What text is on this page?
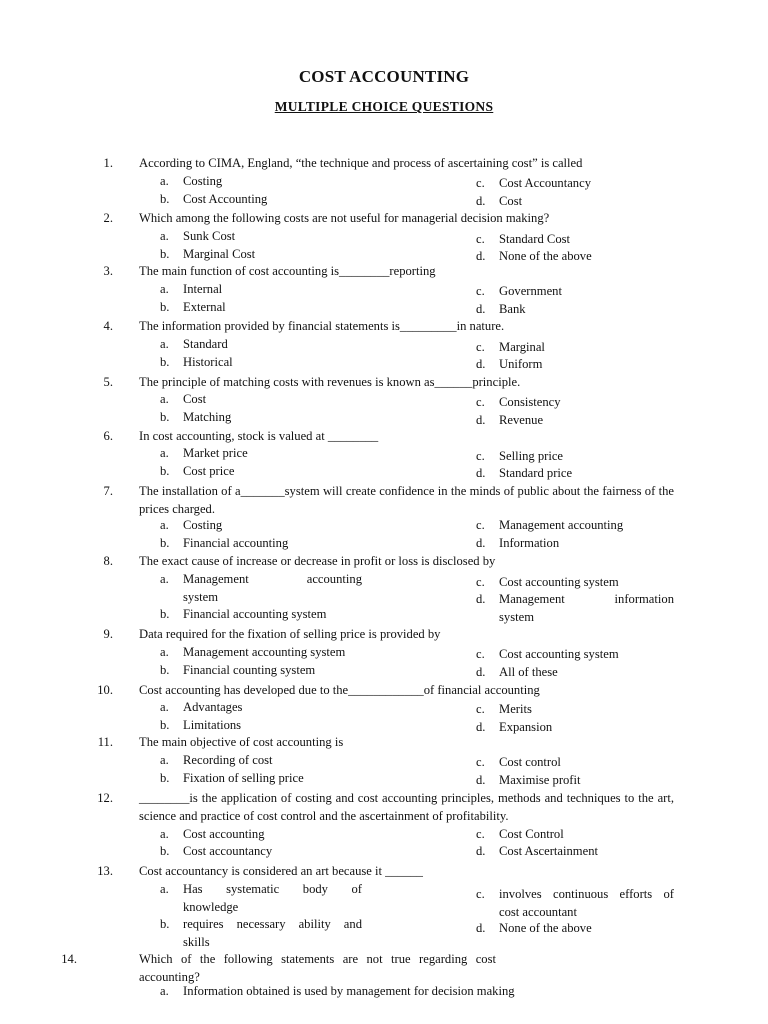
COST ACCOUNTING
MULTIPLE CHOICE QUESTIONS
1. According to CIMA, England, “the technique and process of ascertaining cost” is called
a. Costing
b. Cost Accounting
c. Cost Accountancy
d. Cost
2. Which among the following costs are not useful for managerial decision making?
a. Sunk Cost
b. Marginal Cost
c. Standard Cost
d. None of the above
3. The main function of cost accounting is________reporting
a. Internal
b. External
c. Government
d. Bank
4. The information provided by financial statements is_________in nature.
a. Standard
b. Historical
c. Marginal
d. Uniform
5. The principle of matching costs with revenues is known as______principle.
a. Cost
b. Matching
c. Consistency
d. Revenue
6. In cost accounting, stock is valued at ________
a. Market price
b. Cost price
c. Selling price
d. Standard price
7. The installation of a_______system will create confidence in the minds of public about the fairness of the prices charged.
a. Costing
b. Financial accounting
c. Management accounting
d. Information
8. The exact cause of increase or decrease in profit or loss is disclosed by
a. Management accounting
system
b. Financial accounting system
c. Cost accounting system
d. Management information
system
9. Data required for the fixation of selling price is provided by
a. Management accounting system
b. Financial counting system
c. Cost accounting system
d. All of these
10. Cost accounting has developed due to the____________of financial accounting
a. Advantages
b. Limitations
c. Merits
d. Expansion
11. The main objective of cost accounting is
a. Recording of cost
b. Fixation of selling price
c. Cost control
d. Maximise profit
12. ________is the application of costing and cost accounting principles, methods and techniques to the art, science and practice of cost control and the ascertainment of profitability.
a. Cost accounting
b. Cost accountancy
c. Cost Control
d. Cost Ascertainment
13. Cost accountancy is considered an art because it ______
a. Has systematic body of
knowledge
b. requires necessary ability and
skills
c. involves continuous efforts of
cost accountant
d. None of the above
14.	Which of the following statements are not true regarding cost accounting?
a. Information obtained is used by management for decision making
